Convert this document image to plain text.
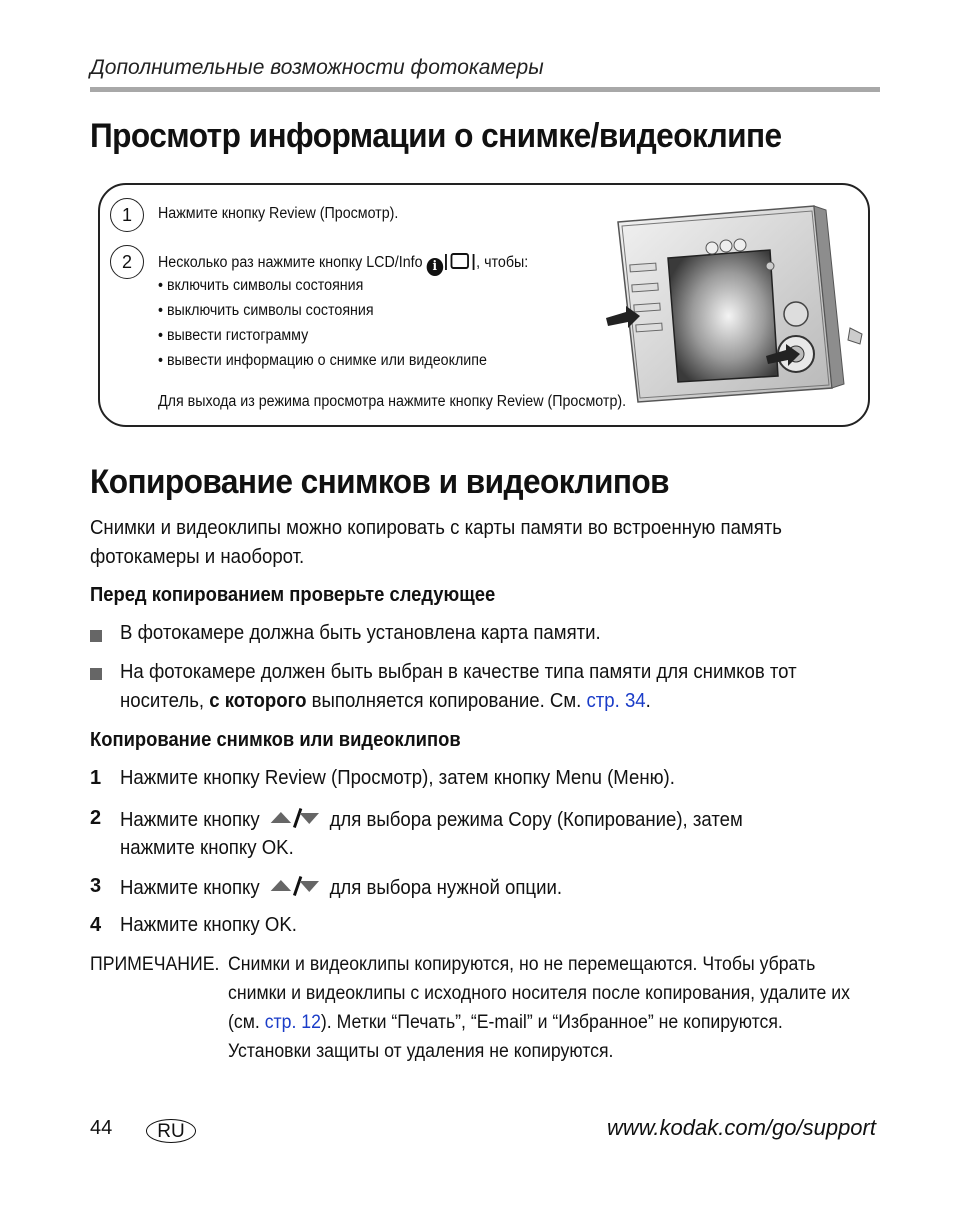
Дополнительные возможности фотокамеры
Просмотр информации о снимке/видеоклипе
1	Нажмите кнопку Review (Просмотр).
2	Несколько раз нажмите кнопку LCD/Info i	, чтобы:
• включить символы состояния
• выключить символы состояния
• вывести гистограмму
• вывести информацию о снимке или видеоклипе
Для выхода из режима просмотра нажмите кнопку Review (Просмотр).
Копирование снимков и видеоклипов
Снимки и видеоклипы можно копировать с карты памяти во встроенную память
фотокамеры и наоборот.
Перед копированием проверьте следующее
В фотокамере должна быть установлена карта памяти.
На фотокамере должен быть выбран в качестве типа памяти для снимков тот
носитель, с которого выполняется копирование. См. стр. 34.
Копирование снимков или видеоклипов
1 Нажмите кнопку Review (Просмотр), затем кнопку Menu (Меню).
2 Нажмите кнопку	для выбора режима Copy (Копирование), затем
нажмите кнопку OK.
3 Нажмите кнопку	для выбора нужной опции.
4 Нажмите кнопку OK.
ПРИМЕЧАНИЕ. Снимки и видеоклипы копируются, но не перемещаются. Чтобы убрать
снимки и видеоклипы с исходного носителя после копирования, удалите их
(см. стр. 12). Метки “Печать”, “E-mail” и “Избранное” не копируются.
Установки защиты от удаления не копируются.
44	RU	www.kodak.com/go/support
